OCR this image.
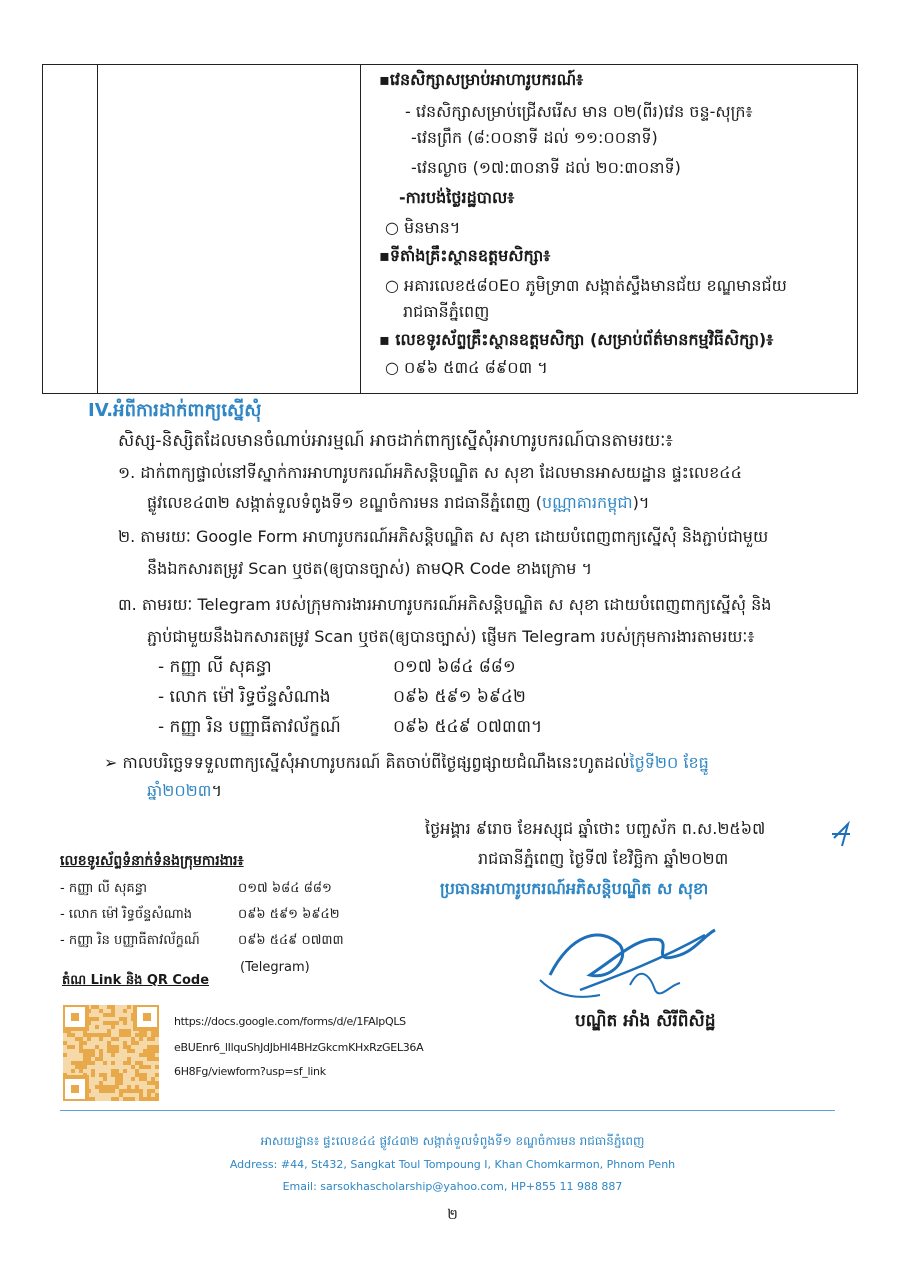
▪វេនសិក្សាសម្រាប់អាហារូបករណ៍៖
- វេនសិក្សាសម្រាប់ជ្រើសរើស មាន ០២(ពីរ)វេន ចន្ទ-សុក្រ៖
-វេនព្រឹក (៨:០០នាទី ដល់ ១១:០០នាទី)
-វេនល្ងាច (១៧:៣០នាទី ដល់ ២០:៣០នាទី)
-ការបង់ថ្លៃរដ្ឋបាល៖
○ មិនមាន។
▪ទីតាំងគ្រឹះស្ថានឧត្តមសិក្សា៖
○ អគារលេខ៥៨០E០ ភូមិទ្រា៣ សង្កាត់ស្ទឹងមានជ័យ ខណ្ឌមានជ័យ
រាជធានីភ្នំពេញ
▪ លេខទូរស័ព្ទគ្រឹះស្ថានឧត្តមសិក្សា (សម្រាប់ព័ត៌មានកម្មវិធីសិក្សា)៖
○ ០៩៦ ៥៣៤ ៨៩០៣ ។
IV.អំពីការដាក់ពាក្យស្នើសុំ
សិស្ស-និស្សិតដែលមានចំណាប់អារម្មណ៍ អាចដាក់ពាក្យស្នើសុំអាហារូបករណ៍បានតាមរយៈ៖
១. ដាក់ពាក្យផ្ទាល់នៅទីស្នាក់ការអាហារូបករណ៍អភិសន្តិបណ្ឌិត ស សុខា ដែលមានអាសយដ្ឋាន ផ្ទះលេខ៤៤
ផ្លូវលេខ៤៣២ សង្កាត់ទួលទំពូងទី១ ខណ្ឌចំការមន រាជធានីភ្នំពេញ (បណ្ណាគារកម្ពុជា)។
២. តាមរយៈ Google Form អាហារូបករណ៍អភិសន្តិបណ្ឌិត ស សុខា ដោយបំពេញពាក្យស្នើសុំ និងភ្ជាប់ជាមួយ
នឹងឯកសារតម្រូវ Scan ឬថត(ឲ្យបានច្បាស់) តាមQR Code ខាងក្រោម ។
៣. តាមរយៈ Telegram របស់ក្រុមការងារអាហារូបករណ៍អភិសន្តិបណ្ឌិត ស សុខា ដោយបំពេញពាក្យស្នើសុំ និង
ភ្ជាប់ជាមួយនឹងឯកសារតម្រូវ Scan ឬថត(ឲ្យបានច្បាស់) ផ្ញើមក Telegram របស់ក្រុមការងារតាមរយៈ៖
- កញ្ញា លី សុគន្ធា	០១៧ ៦៨៤ ៨៨១
- លោក ម៉ៅ រិទ្ធច័ន្ទសំណាង	០៩៦ ៥៩១ ៦៩៤២
- កញ្ញា រិន បញ្ញាធីតាវល័ក្ខណ៍	០៩៦ ៥៤៩ ០៧៣៣។
➢ កាលបរិច្ឆេទទទួលពាក្យស្នើសុំអាហារូបករណ៍ គិតចាប់ពីថ្ងៃផ្សព្វផ្សាយជំណឹងនេះហូតដល់ថ្ងៃទី២០ ខែធ្នូ
ឆ្នាំ២០២៣។
ថ្ងៃអង្គារ ៩រោច ខែអស្សុជ ឆ្នាំថោះ បញ្ចស័ក ព.ស.២៥៦៧
រាជធានីភ្នំពេញ ថ្ងៃទី៧ ខែវិច្ឆិកា ឆ្នាំ២០២៣
ប្រធានអាហារូបករណ៍អភិសន្តិបណ្ឌិត ស សុខា
បណ្ឌិត អាំង សិរីពិសិដ្ឋ
លេខទូរស័ព្ទទំនាក់ទំនងក្រុមការងារ៖
- កញ្ញា លី សុគន្ធា	០១៧ ៦៨៤ ៨៨១
- លោក ម៉ៅ រិទ្ធច័ន្ទសំណាង	០៩៦ ៥៩១ ៦៩៤២
- កញ្ញា រិន បញ្ញាធីតាវល័ក្ខណ៍	០៩៦ ៥៤៩ ០៧៣៣
(Telegram)
តំណ Link និង QR Code
https://docs.google.com/forms/d/e/1FAIpQLS
eBUEnr6_lIlquShJdJbHI4BHzGkcmKHxRzGEL36A
6H8Fg/viewform?usp=sf_link
អាសយដ្ឋាន៖ ផ្ទះលេខ៤៤ ផ្លូវ៤៣២ សង្កាត់ទួលទំពូងទី១ ខណ្ឌចំការមន រាជធានីភ្នំពេញ
Address: #44, St432, Sangkat Toul Tompoung I, Khan Chomkarmon, Phnom Penh
Email: sarsokhascholarship@yahoo.com, HP+855 11 988 887
២
